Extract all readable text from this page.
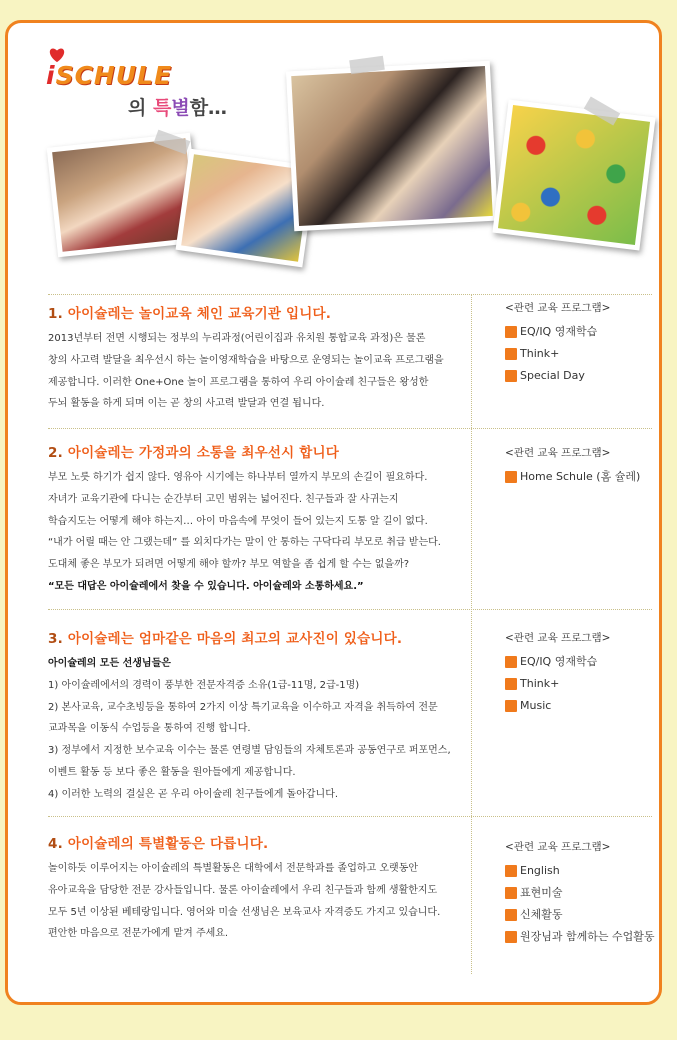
iSCHULE
의 특별함…
1. 아이슐레는 놀이교육 체인 교육기관 입니다.
2013년부터 전면 시행되는 정부의 누리과정(어린이집과 유치원 통합교육 과정)은 물론
창의 사고력 발달을 최우선시 하는 놀이영재학습을 바탕으로 운영되는 놀이교육 프로그램을
제공합니다. 이러한 One+One 놀이 프로그램을 통하여 우리 아이슐레 친구들은 왕성한
두뇌 활동을 하게 되며 이는 곧 창의 사고력 발달과 연결 됩니다.
<관련 교육 프로그램>
EQ/IQ 영재학습
Think+
Special Day
2. 아이슐레는 가정과의 소통을 최우선시 합니다
부모 노릇 하기가 쉽지 않다. 영유아 시기에는 하나부터 열까지 부모의 손길이 필요하다.
자녀가 교육기관에 다니는 순간부터 고민 범위는 넓어진다. 친구들과 잘 사귀는지
학습지도는 어떻게 해야 하는지… 아이 마음속에 무엇이 들어 있는지 도통 알 길이 없다.
“내가 어릴 때는 안 그랬는데” 를 외치다가는 말이 안 통하는 구닥다리 부모로 취급 받는다.
도대체 좋은 부모가 되려면 어떻게 해야 할까? 부모 역할을 좀 쉽게 할 수는 없을까?
“모든 대답은 아이슐레에서 찾을 수 있습니다. 아이슐레와 소통하세요.”
<관련 교육 프로그램>
Home Schule (홈 슐레)
3. 아이슐레는 엄마같은 마음의 최고의 교사진이 있습니다.
아이슐레의 모든 선생님들은
1) 아이슐레에서의 경력이 풍부한 전문자격증 소유(1급-11명, 2급-1명)
2) 본사교육, 교수초빙등을 통하여 2가지 이상 특기교육을 이수하고 자격을 취득하여 전문
교과목을 이동식 수업등을 통하여 진행 합니다.
3) 정부에서 지정한 보수교육 이수는 물론 연령별 담임들의 자체토론과 공동연구로 퍼포먼스,
이벤트 활동 등 보다 좋은 활동을 원아들에게 제공합니다.
4) 이러한 노력의 결실은 곧 우리 아이슐레 친구들에게 돌아갑니다.
<관련 교육 프로그램>
EQ/IQ 영재학습
Think+
Music
4. 아이슐레의 특별활동은 다릅니다.
놀이하듯 이루어지는 아이슐레의 특별활동은 대학에서 전문학과를 졸업하고 오랫동안
유아교육을 담당한 전문 강사들입니다. 물론 아이슐레에서 우리 친구들과 함께 생활한지도
모두 5년 이상된 베테랑입니다. 영어와 미술 선생님은 보육교사 자격증도 가지고 있습니다.
편안한 마음으로 전문가에게 맡겨 주세요.
<관련 교육 프로그램>
English
표현미술
신체활동
원장님과 함께하는 수업활동
